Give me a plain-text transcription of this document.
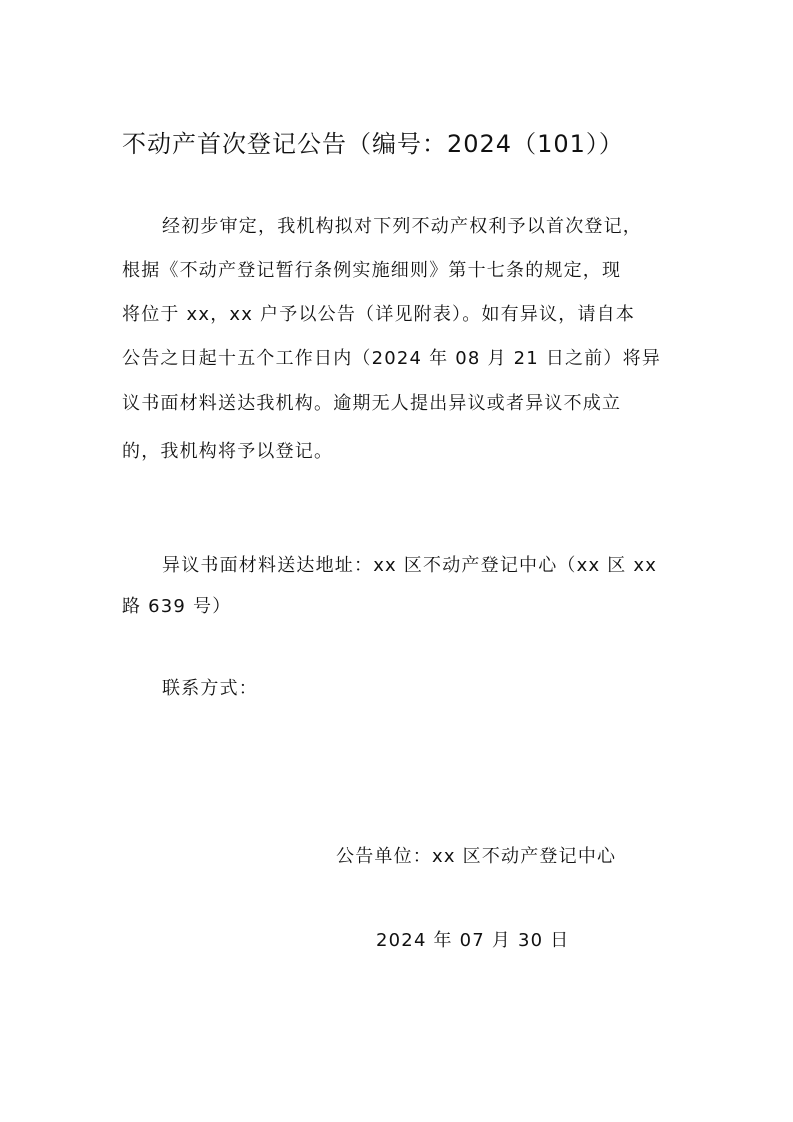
不动产首次登记公告（编号：2024（101））
经初步审定，我机构拟对下列不动产权利予以首次登记，
根据《不动产登记暂行条例实施细则》第十七条的规定，现
将位于 xx，xx 户予以公告（详见附表）。如有异议，请自本
公告之日起十五个工作日内（2024 年 08 月 21 日之前）将异
议书面材料送达我机构。逾期无人提出异议或者异议不成立
的，我机构将予以登记。
异议书面材料送达地址：xx 区不动产登记中心（xx 区 xx
路 639 号）
联系方式：
公告单位：xx 区不动产登记中心
2024 年 07 月 30 日
